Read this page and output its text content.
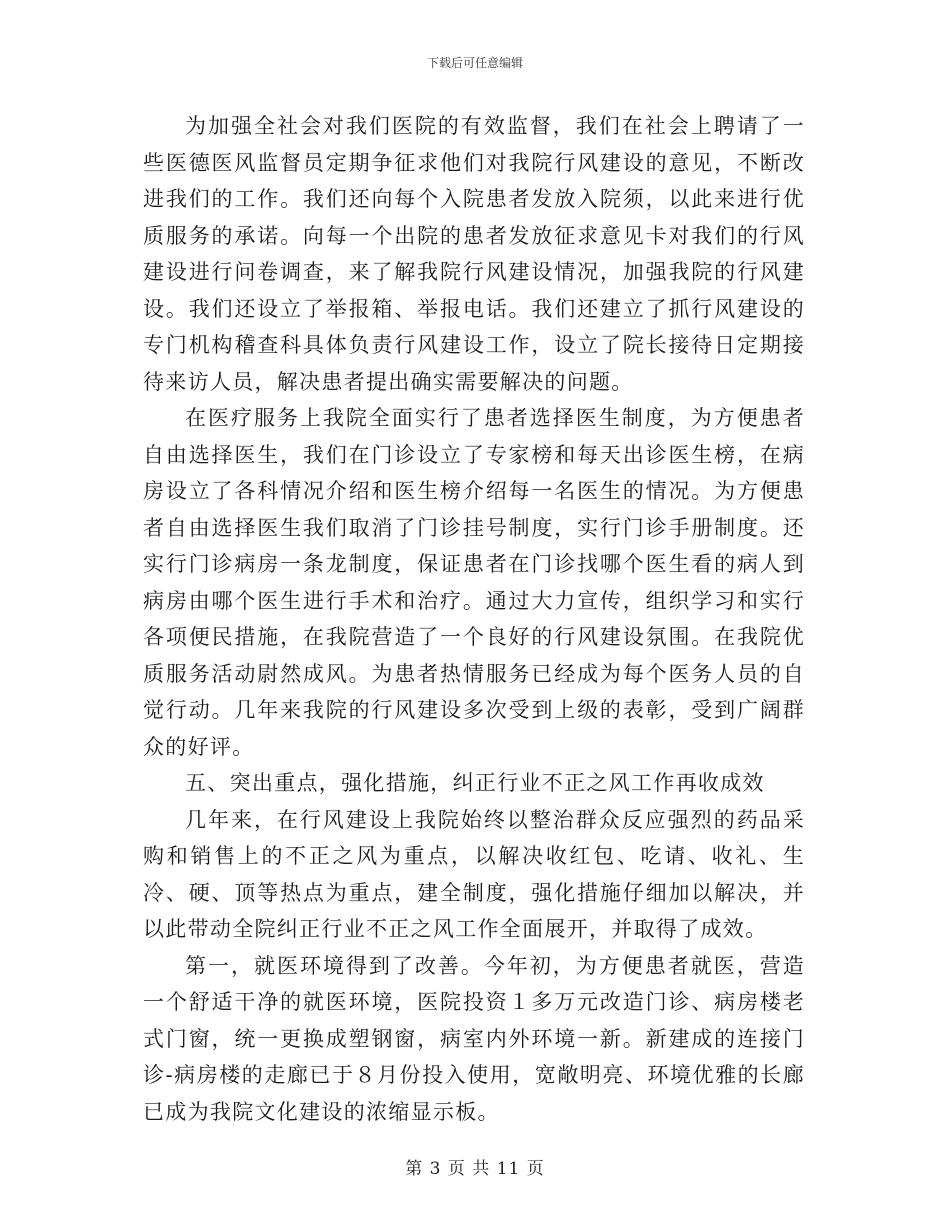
下载后可任意编辑

为加强全社会对我们医院的有效监督，我们在社会上聘请了一些医德医风监督员定期争征求他们对我院行风建设的意见，不断改进我们的工作。我们还向每个入院患者发放入院须，以此来进行优质服务的承诺。向每一个出院的患者发放征求意见卡对我们的行风建设进行问卷调查，来了解我院行风建设情况，加强我院的行风建设。我们还设立了举报箱、举报电话。我们还建立了抓行风建设的专门机构稽查科具体负责行风建设工作，设立了院长接待日定期接待来访人员，解决患者提出确实需要解决的问题。

在医疗服务上我院全面实行了患者选择医生制度，为方便患者自由选择医生，我们在门诊设立了专家榜和每天出诊医生榜，在病房设立了各科情况介绍和医生榜介绍每一名医生的情况。为方便患者自由选择医生我们取消了门诊挂号制度，实行门诊手册制度。还实行门诊病房一条龙制度，保证患者在门诊找哪个医生看的病人到病房由哪个医生进行手术和治疗。通过大力宣传，组织学习和实行各项便民措施，在我院营造了一个良好的行风建设氛围。在我院优质服务活动尉然成风。为患者热情服务已经成为每个医务人员的自觉行动。几年来我院的行风建设多次受到上级的表彰，受到广阔群众的好评。

五、突出重点，强化措施，纠正行业不正之风工作再收成效

几年来，在行风建设上我院始终以整治群众反应强烈的药品采购和销售上的不正之风为重点，以解决收红包、吃请、收礼、生冷、硬、顶等热点为重点，建全制度，强化措施仔细加以解决，并以此带动全院纠正行业不正之风工作全面展开，并取得了成效。

第一，就医环境得到了改善。今年初，为方便患者就医，营造一个舒适干净的就医环境，医院投资１多万元改造门诊、病房楼老式门窗，统一更换成塑钢窗，病室内外环境一新。新建成的连接门诊-病房楼的走廊已于８月份投入使用，宽敞明亮、环境优雅的长廊已成为我院文化建设的浓缩显示板。

第 3 页 共 11 页
